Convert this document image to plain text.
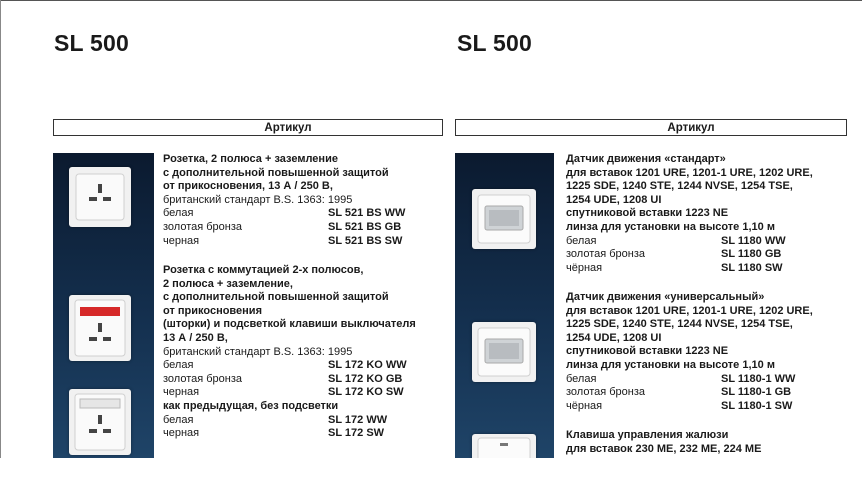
SL 500
Артикул
Розетка, 2 полюса + заземление
с дополнительной повышенной защитой
от прикосновения, 13 А / 250 В,
британский стандарт B.S. 1363: 1995
белая	SL 521 BS WW
золотая бронза	SL 521 BS GB
черная	SL 521 BS SW
Розетка с коммутацией 2-х полюсов,
2 полюса + заземление,
с дополнительной повышенной защитой
от прикосновения
(шторки) и подсветкой клавиши выключателя
13 А / 250 В,
британский стандарт B.S. 1363: 1995
белая	SL 172 KO WW
золотая бронза	SL 172 KO GB
черная	SL 172 KO SW
как предыдущая, без подсветки
белая	SL 172 WW
черная	SL 172 SW
SL 500
Артикул
Датчик движения «стандарт»
для вставок 1201 URE, 1201-1 URE, 1202 URE,
1225 SDE, 1240 STE, 1244 NVSE, 1254 TSE,
1254 UDE, 1208 UI
спутниковой вставки 1223 NE
линза для установки на высоте 1,10 м
белая	SL 1180 WW
золотая бронза	SL 1180 GB
чёрная	SL 1180 SW
Датчик движения «универсальный»
для вставок 1201 URE, 1201-1 URE, 1202 URE,
1225 SDE, 1240 STE, 1244 NVSE, 1254 TSE,
1254 UDE, 1208 UI
спутниковой вставки 1223 NE
линза для установки на высоте 1,10 м
белая	SL 1180-1 WW
золотая бронза	SL 1180-1 GB
чёрная	SL 1180-1 SW
Клавиша управления жалюзи
для вставок 230 МЕ, 232 МЕ, 224 МЕ
